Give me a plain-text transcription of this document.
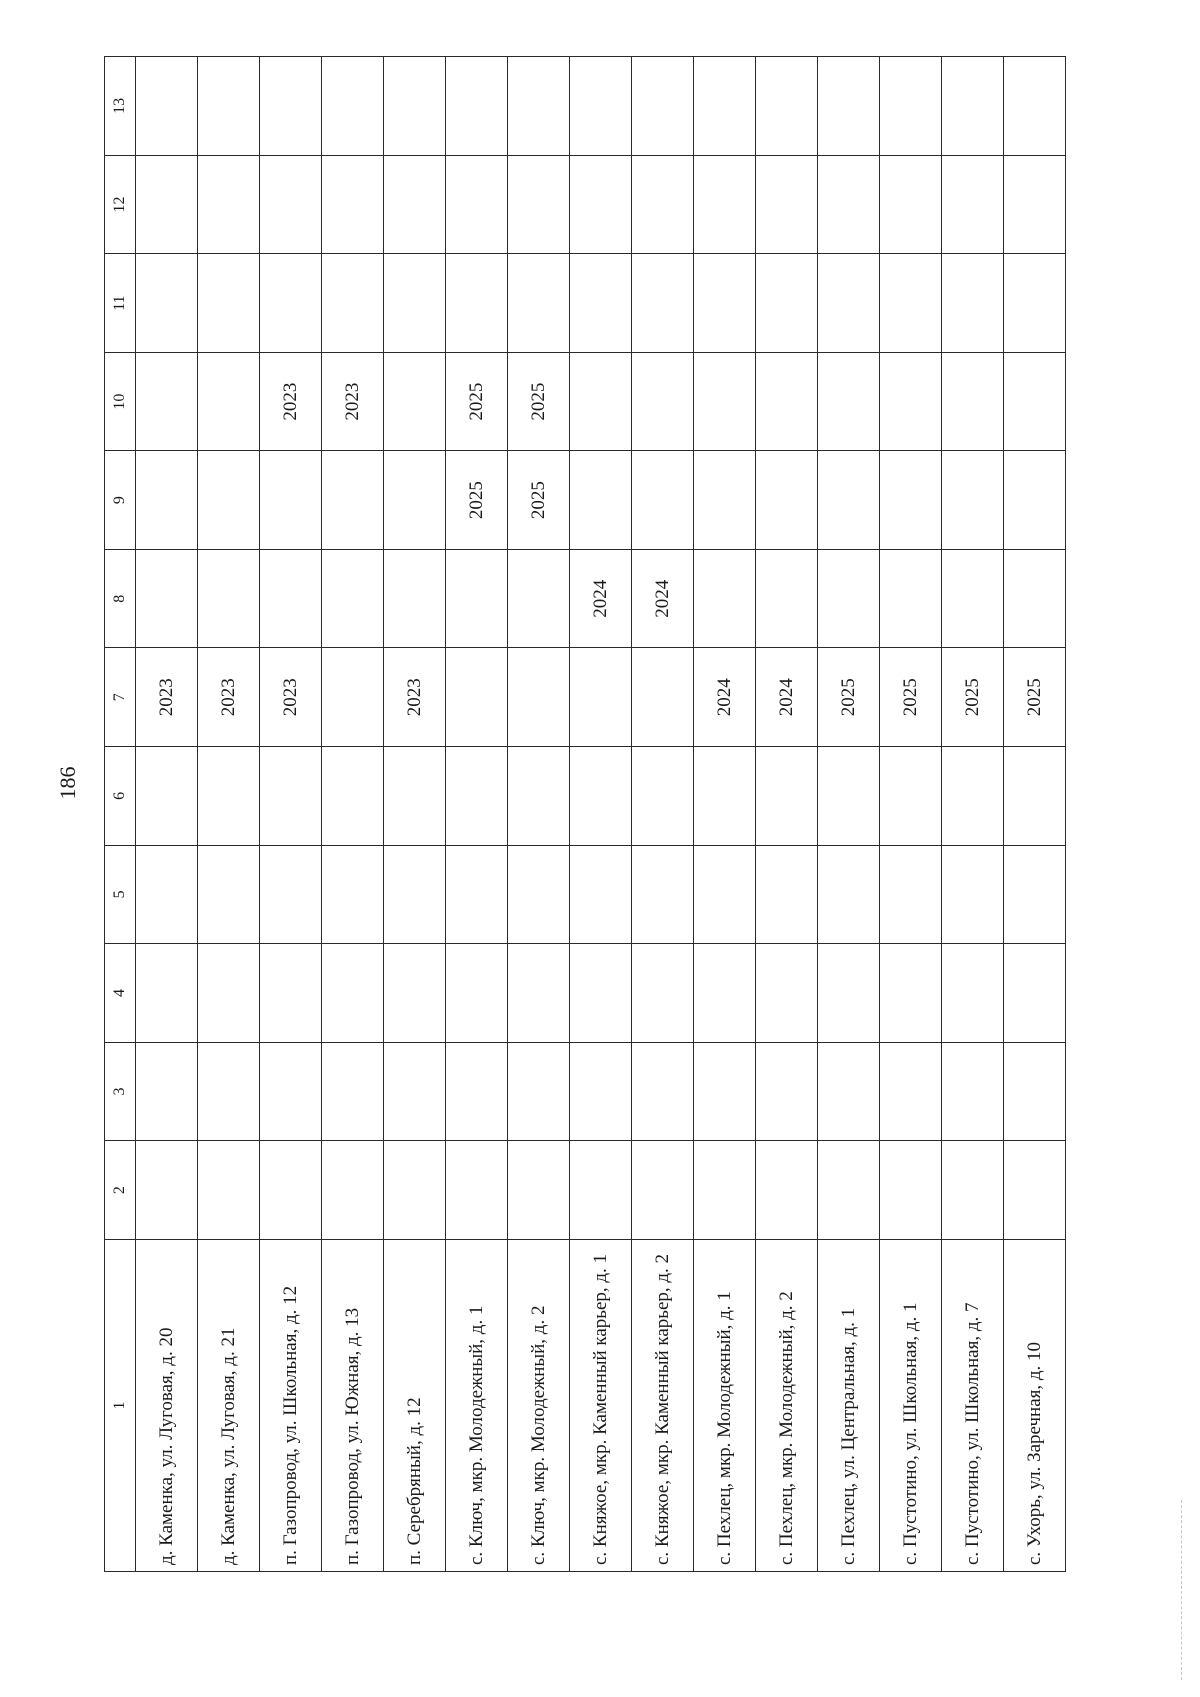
186
1	2	3	4	5	6	7	8	9	10	11	12	13
д. Каменка, ул. Луговая, д. 20						2023						
д. Каменка, ул. Луговая, д. 21						2023						
п. Газопровод, ул. Школьная, д. 12						2023			2023			
п. Газопровод, ул. Южная, д. 13									2023			
п. Серебряный, д. 12						2023						
с. Ключ, мкр. Молодежный, д. 1								2025	2025			
с. Ключ, мкр. Молодежный, д. 2								2025	2025			
с. Княжое, мкр. Каменный карьер, д. 1							2024					
с. Княжое, мкр. Каменный карьер, д. 2							2024					
с. Пехлец, мкр. Молодежный, д. 1						2024						
с. Пехлец, мкр. Молодежный, д. 2						2024						
с. Пехлец, ул. Центральная, д. 1						2025						
с. Пустотино, ул. Школьная, д. 1						2025						
с. Пустотино, ул. Школьная, д. 7						2025						
с. Ухорь, ул. Заречная, д. 10						2025						
